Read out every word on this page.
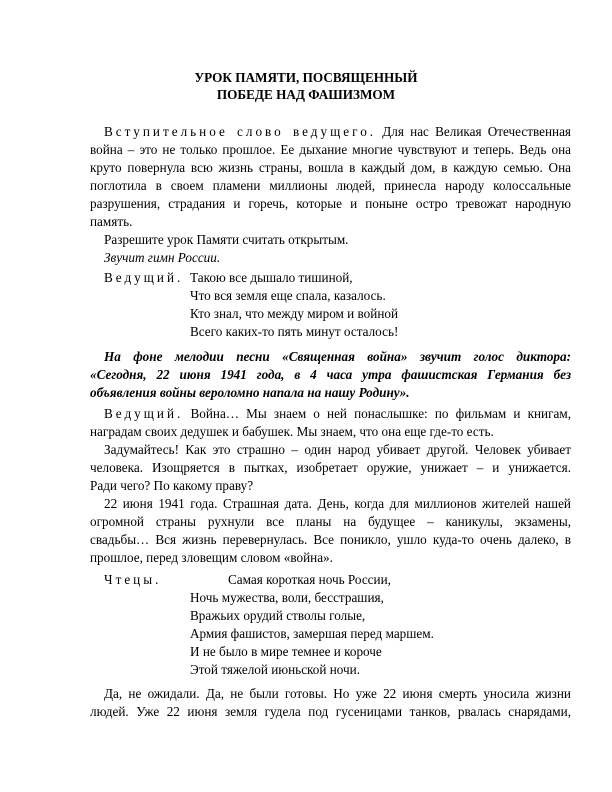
УРОК ПАМЯТИ, ПОСВЯЩЕННЫЙ
ПОБЕДЕ НАД ФАШИЗМОМ
Вступительное слово ведущего. Для нас Великая Отечественная
война – это не только прошлое. Ее дыхание многие чувствуют и теперь. Ведь она
круто повернула всю жизнь страны, вошла в каждый дом, в каждую семью. Она
поглотила в своем пламени миллионы людей, принесла народу колоссальные
разрушения, страдания и горечь, которые и поныне остро тревожат народную
память.
Разрешите урок Памяти считать открытым.
Звучит гимн России.
Ведущий. Такою все дышало тишиной,
Что вся земля еще спала, казалось.
Кто знал, что между миром и войной
Всего каких-то пять минут осталось!
На фоне мелодии песни «Священная война» звучит голос диктора:
«Сегодня, 22 июня 1941 года, в 4 часа утра фашистская Германия без
объявления войны вероломно напала на нашу Родину».
Ведущий. Война… Мы знаем о ней понаслышке: по фильмам и книгам,
наградам своих дедушек и бабушек. Мы знаем, что она еще где-то есть.
Задумайтесь! Как это страшно – один народ убивает другой. Человек убивает
человека. Изощряется в пытках, изобретает оружие, унижает – и унижается.
Ради чего? По какому праву?
22 июня 1941 года. Страшная дата. День, когда для миллионов жителей нашей
огромной страны рухнули все планы на будущее – каникулы, экзамены,
свадьбы… Вся жизнь перевернулась. Все поникло, ушло куда-то очень далеко, в
прошлое, перед зловещим словом «война».
Чтецы.	Самая короткая ночь России,
Ночь мужества, воли, бесстрашия,
Вражьих орудий стволы голые,
Армия фашистов, замершая перед маршем.
И не было в мире темнее и короче
Этой тяжелой июньской ночи.
Да, не ожидали. Да, не были готовы. Но уже 22 июня смерть уносила жизни
людей. Уже 22 июня земля гудела под гусеницами танков, рвалась снарядами,
